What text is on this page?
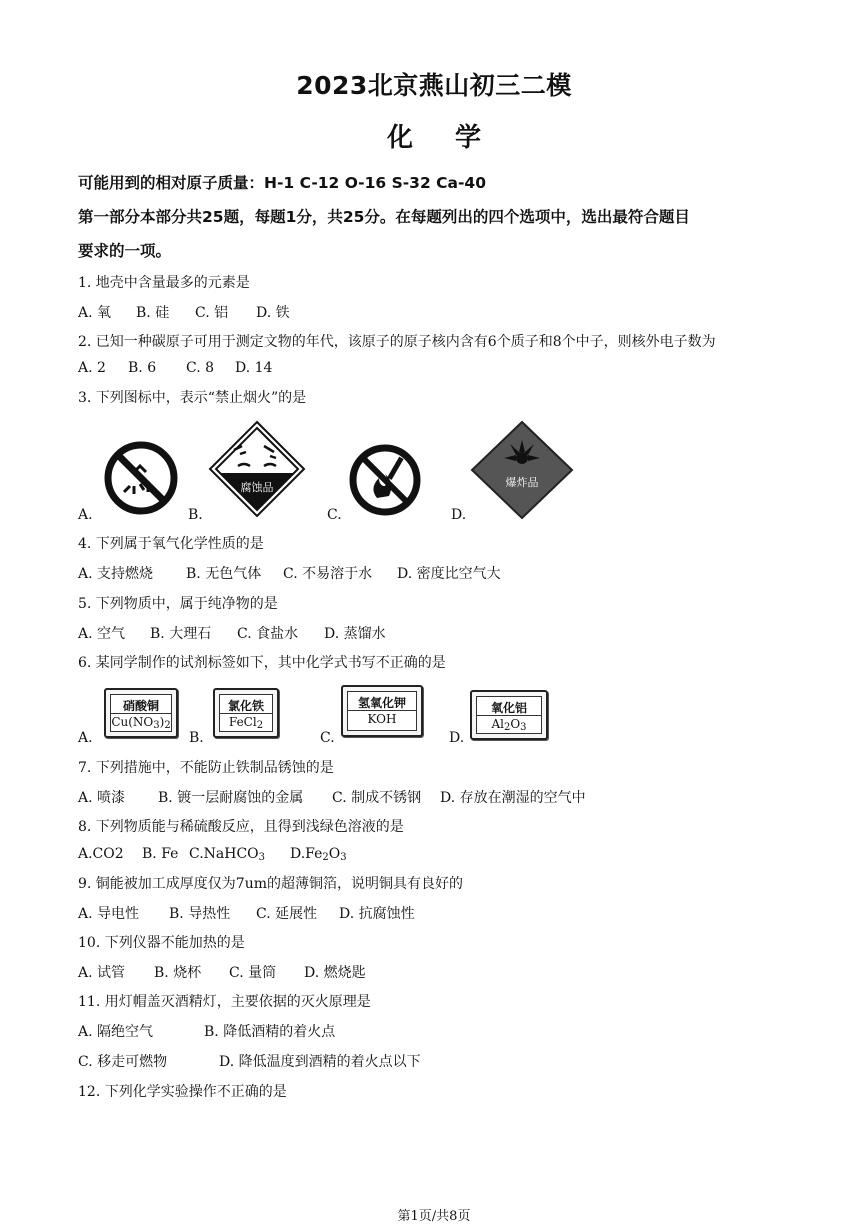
2023北京燕山初三二模
化学
可能用到的相对原子质量：H-1 C-12 O-16 S-32 Ca-40
第一部分本部分共25题，每题1分，共25分。在每题列出的四个选项中，选出最符合题目
要求的一项。
1. 地壳中含量最多的元素是
A. 氧 B. 硅 C. 铝 D. 铁
2. 已知一种碳原子可用于测定文物的年代，该原子的原子核内含有6个质子和8个中子，则核外电子数为
A. 2 B. 6 C. 8 D. 14
3. 下列图标中，表示“禁止烟火”的是
A.
腐蚀品
B.	C.
爆炸品
D.
4. 下列属于氧气化学性质的是
A. 支持燃烧 B. 无色气体 C. 不易溶于水 D. 密度比空气大
5. 下列物质中，属于纯净物的是
A. 空气 B. 大理石 C. 食盐水 D. 蒸馏水
6. 某同学制作的试剂标签如下，其中化学式书写不正确的是
硝酸铜
$Cu(NO_3)_2$
A.
氯化铁
FeCl$_2$
B.
氢氧化钾
KOH
C.
氧化铝
$Al_2O_3$
D.
7. 下列措施中，不能防止铁制品锈蚀的是
A. 喷漆 B. 镀一层耐腐蚀的金属 C. 制成不锈钢 D. 存放在潮湿的空气中
8. 下列物质能与稀硫酸反应，且得到浅绿色溶液的是
A.CO2 B. Fe C.NaHCO$_3$ $D.Fe_2O_3$
9. 铜能被加工成厚度仅为7um的超薄铜箔，说明铜具有良好的
A. 导电性 B. 导热性 C. 延展性 D. 抗腐蚀性
10. 下列仪器不能加热的是
A. 试管 B. 烧杯 C. 量筒 D. 燃烧匙
11. 用灯帽盖灭酒精灯，主要依据的灭火原理是
A. 隔绝空气	B. 降低酒精的着火点
C. 移走可燃物	D. 降低温度到酒精的着火点以下
12. 下列化学实验操作不正确的是
第1页/共8页
